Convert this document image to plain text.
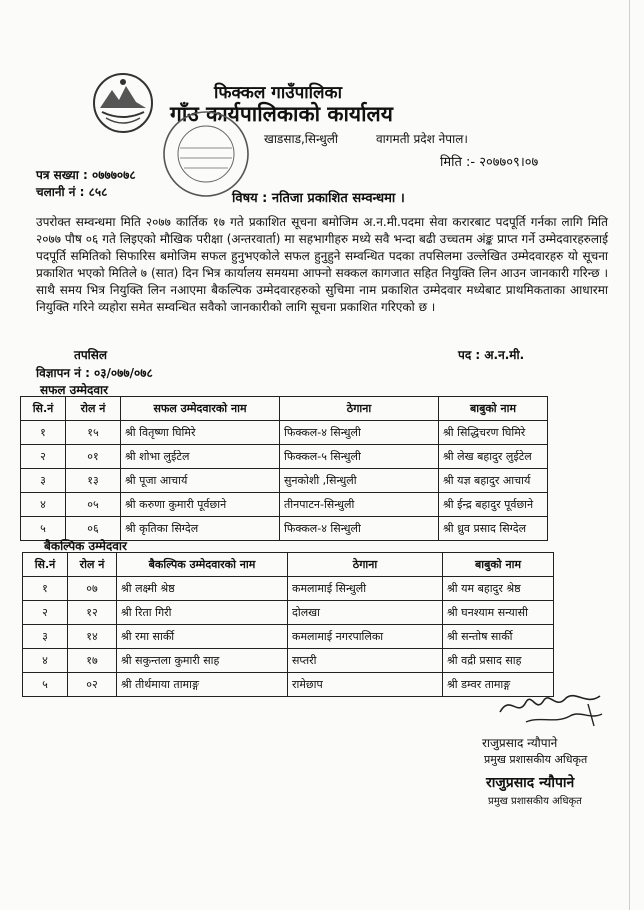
फिक्कल गाउँपालिका
गाँउ कार्यपालिकाको कार्यालय
खाडसाड,सिन्धुली	वागमती प्रदेश नेपाल।
मिति :- २०७७०९।०७
पत्र सख्या : ०७७७०७८
चलानी नं : ८५८	विषय : नतिजा प्रकाशित सम्वन्धमा ।
उपरोक्त सम्वन्धमा मिति २०७७ कार्तिक १७ गते प्रकाशित सूचना बमोजिम अ.न.मी.पदमा सेवा करारबाट पदपूर्ति गर्नका लागि मिति २०७७ पौष ०६ गते लिइएको मौखिक परीक्षा (अन्तरवार्ता) मा सहभागीहरु मध्ये सवै भन्दा बढी उच्चतम अंङ्क प्राप्त गर्ने उम्मेदवारहरुलाई पदपूर्ति समितिको सिफारिस बमोजिम सफल हुनुभएकोले सफल हुनुहुने सम्वन्धित पदका तपसिलमा उल्लेखित उम्मेदवारहरु यो सूचना प्रकाशित भएको मितिले ७ (सात) दिन भित्र कार्यालय समयमा आफ्नो सक्कल कागजात सहित नियुक्ति लिन आउन जानकारी गरिन्छ । साथै समय भित्र नियुक्ति लिन नआएमा बैकल्पिक उम्मेदवारहरुको सुचिमा नाम प्रकाशित उम्मेदवार मध्येबाट प्राथमिकताका आधारमा नियुक्ति गरिने व्यहोरा समेत सम्वन्धित सवैको जानकारीको लागि सूचना प्रकाशित गरिएको छ ।
तपसिल	पद : अ.न.मी.
विज्ञापन नं : ०३/०७७/०७८
सफल उम्मेदवार
सि.नं	रोल नं	सफल उम्मेदवारको नाम	ठेगाना	बाबुको नाम
१	१५	श्री वितृष्णा घिमिरे	फिक्कल-४ सिन्धुली	श्री सिद्धिचरण घिमिरे
२	०१	श्री शोभा लुईटेल	फिक्कल-५ सिन्धुली	श्री लेख बहादुर लुईटेल
३	१३	श्री पूजा आचार्य	सुनकोशी ,सिन्धुली	श्री यज्ञ बहादुर आचार्य
४	०५	श्री करुणा कुमारी पूर्वछाने	तीनपाटन-सिन्धुली	श्री ईन्द्र बहादुर पूर्वछाने
५	०६	श्री कृतिका सिग्देल	फिक्कल-४ सिन्धुली	श्री ध्रुव प्रसाद सिग्देल
बैकल्पिक उम्मेदवार
सि.नं	रोल नं	बैकल्पिक उम्मेदवारको नाम	ठेगाना	बाबुको नाम
१	०७	श्री लक्ष्मी श्रेष्ठ	कमलामाई सिन्धुली	श्री यम बहादुर श्रेष्ठ
२	१२	श्री रिता गिरी	दोलखा	श्री घनश्याम सन्यासी
३	१४	श्री रमा सार्की	कमलामाई नगरपालिका	श्री सन्तोष सार्की
४	१७	श्री सकुन्तला कुमारी साह	सप्तरी	श्री वद्री प्रसाद साह
५	०२	श्री तीर्थमाया तामाङ्ग	रामेछाप	श्री डम्वर तामाङ्ग
राजुप्रसाद न्यौपाने
प्रमुख प्रशासकीय अधिकृत
राजुप्रसाद न्यौपाने
प्रमुख प्रशासकीय अधिकृत
